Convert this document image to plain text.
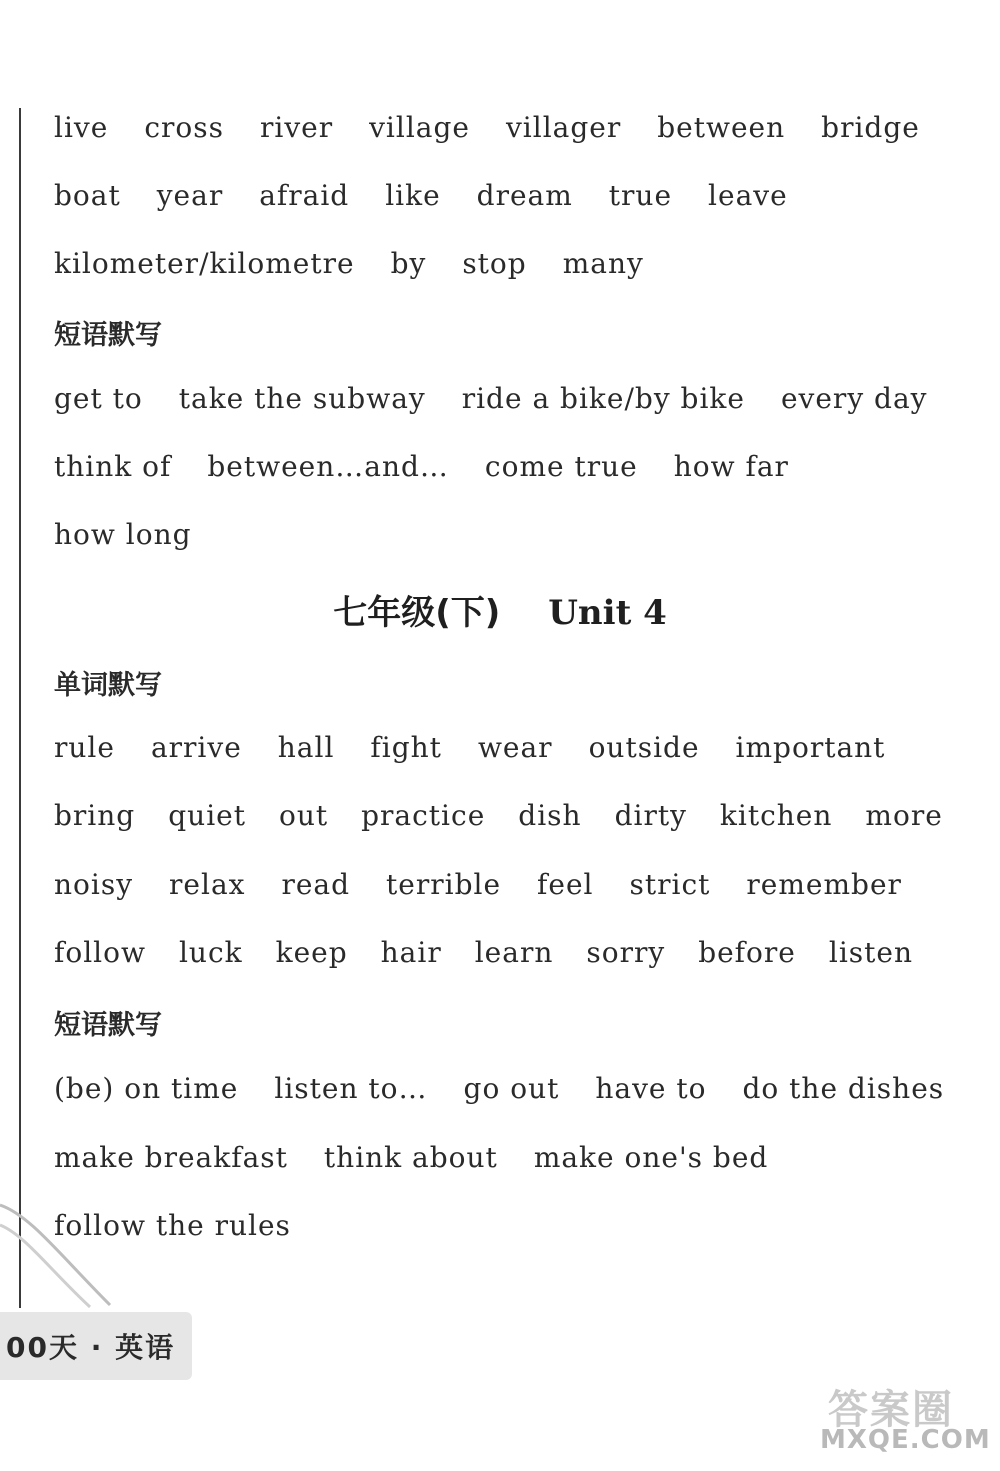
live cross river village villager between bridge
boat year afraid like dream true leave
kilometer/kilometre by stop many
短语默写
get to take the subway ride a bike/by bike every day
think of between…and… come true how far
how long
七年级(下) Unit 4
单词默写
rule arrive hall fight wear outside important
bring quiet out practice dish dirty kitchen more
noisy relax read terrible feel strict remember
follow luck keep hair learn sorry before listen
短语默写
(be) on time listen to… go out have to do the dishes
make breakfast think about make one's bed
follow the rules
00天 · 英语
答案圈
MXQE.COM
